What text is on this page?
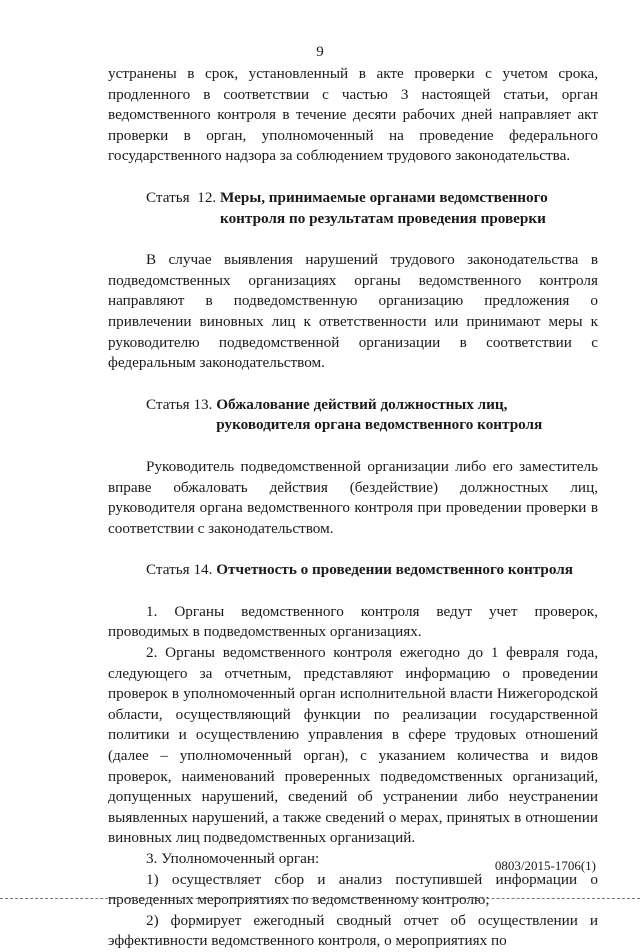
9

устранены в срок, установленный в акте проверки с учетом срока, продленного в соответствии с частью 3 настоящей статьи, орган ведомственного контроля в течение десяти рабочих дней направляет акт проверки в орган, уполномоченный на проведение федерального государственного надзора за соблюдением трудового законодательства.

Статья  12. Меры, принимаемые органами ведомственного контроля по результатам проведения проверки

В случае выявления нарушений трудового законодательства в подведомственных организациях органы ведомственного контроля направляют в подведомственную организацию предложения о привлечении виновных лиц к ответственности или принимают меры к руководителю подведомственной организации в соответствии с федеральным законодательством.

Статья 13. Обжалование действий должностных лиц, руководителя органа ведомственного контроля

Руководитель подведомственной организации либо его заместитель вправе обжаловать действия (бездействие) должностных лиц, руководителя органа ведомственного контроля при проведении проверки в соответствии с законодательством.

Статья 14. Отчетность о проведении ведомственного контроля

1. Органы ведомственного контроля ведут учет проверок, проводимых в подведомственных организациях.

2. Органы ведомственного контроля ежегодно до 1 февраля года, следующего за отчетным, представляют информацию о проведении проверок в уполномоченный орган исполнительной власти Нижегородской области, осуществляющий функции по реализации государственной политики и осуществлению управления в сфере трудовых отношений (далее – уполномоченный орган), с указанием количества и видов проверок, наименований проверенных подведомственных организаций, допущенных нарушений, сведений об устранении либо неустранении выявленных нарушений, а также сведений о мерах, принятых в отношении виновных лиц подведомственных организаций.

3. Уполномоченный орган:

1) осуществляет сбор и анализ поступившей информации о проведенных мероприятиях по ведомственному контролю;

2) формирует ежегодный сводный отчет об осуществлении и эффективности ведомственного контроля, о мероприятиях по

0803/2015-1706(1)
